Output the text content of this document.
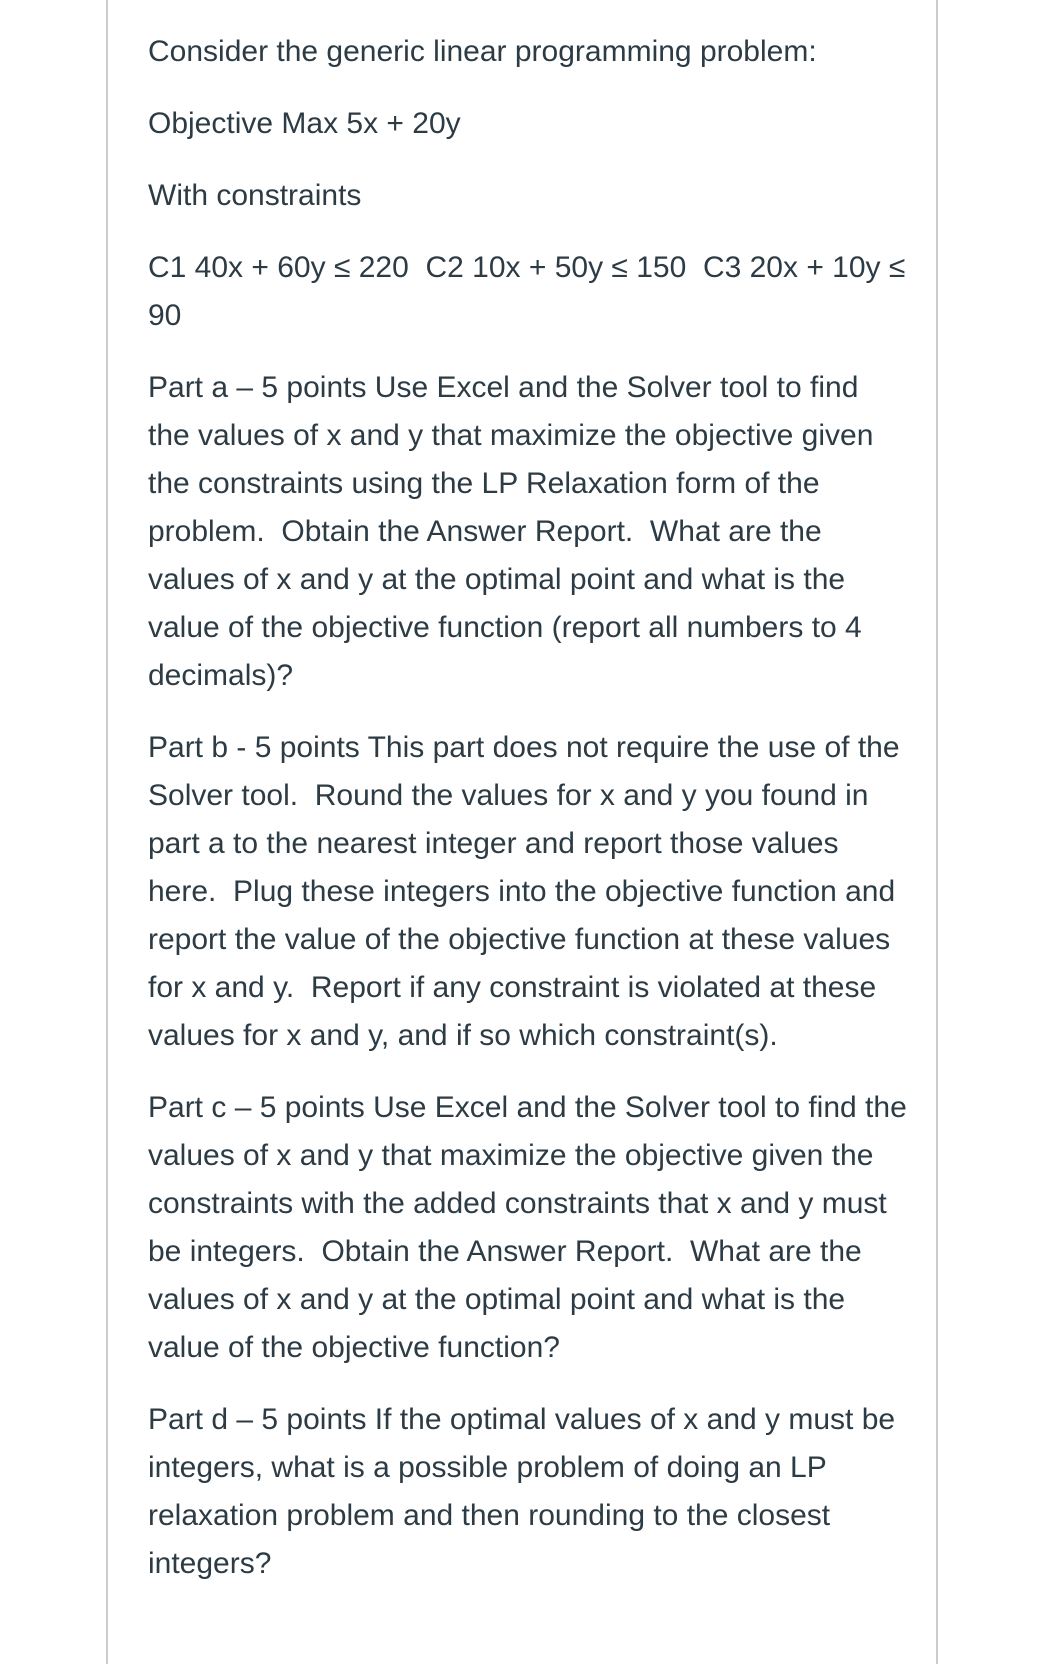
Consider the generic linear programming problem:

Objective Max 5x + 20y

With constraints

C1 40x + 60y ≤ 220  C2 10x + 50y ≤ 150  C3 20x + 10y ≤ 90

Part a – 5 points Use Excel and the Solver tool to find the values of x and y that maximize the objective given the constraints using the LP Relaxation form of the problem.  Obtain the Answer Report.  What are the values of x and y at the optimal point and what is the value of the objective function (report all numbers to 4 decimals)?

Part b - 5 points This part does not require the use of the Solver tool.  Round the values for x and y you found in  part a to the nearest integer and report those values here.  Plug these integers into the objective function and report the value of the objective function at these values for x and y.  Report if any constraint is violated at these values for x and y, and if so which constraint(s).

Part c – 5 points Use Excel and the Solver tool to find the values of x and y that maximize the objective given the constraints with the added constraints that x and y must be integers.  Obtain the Answer Report.  What are the values of x and y at the optimal point and what is the value of the objective function?

Part d – 5 points If the optimal values of x and y must be integers, what is a possible problem of doing an LP relaxation problem and then rounding to the closest integers?
